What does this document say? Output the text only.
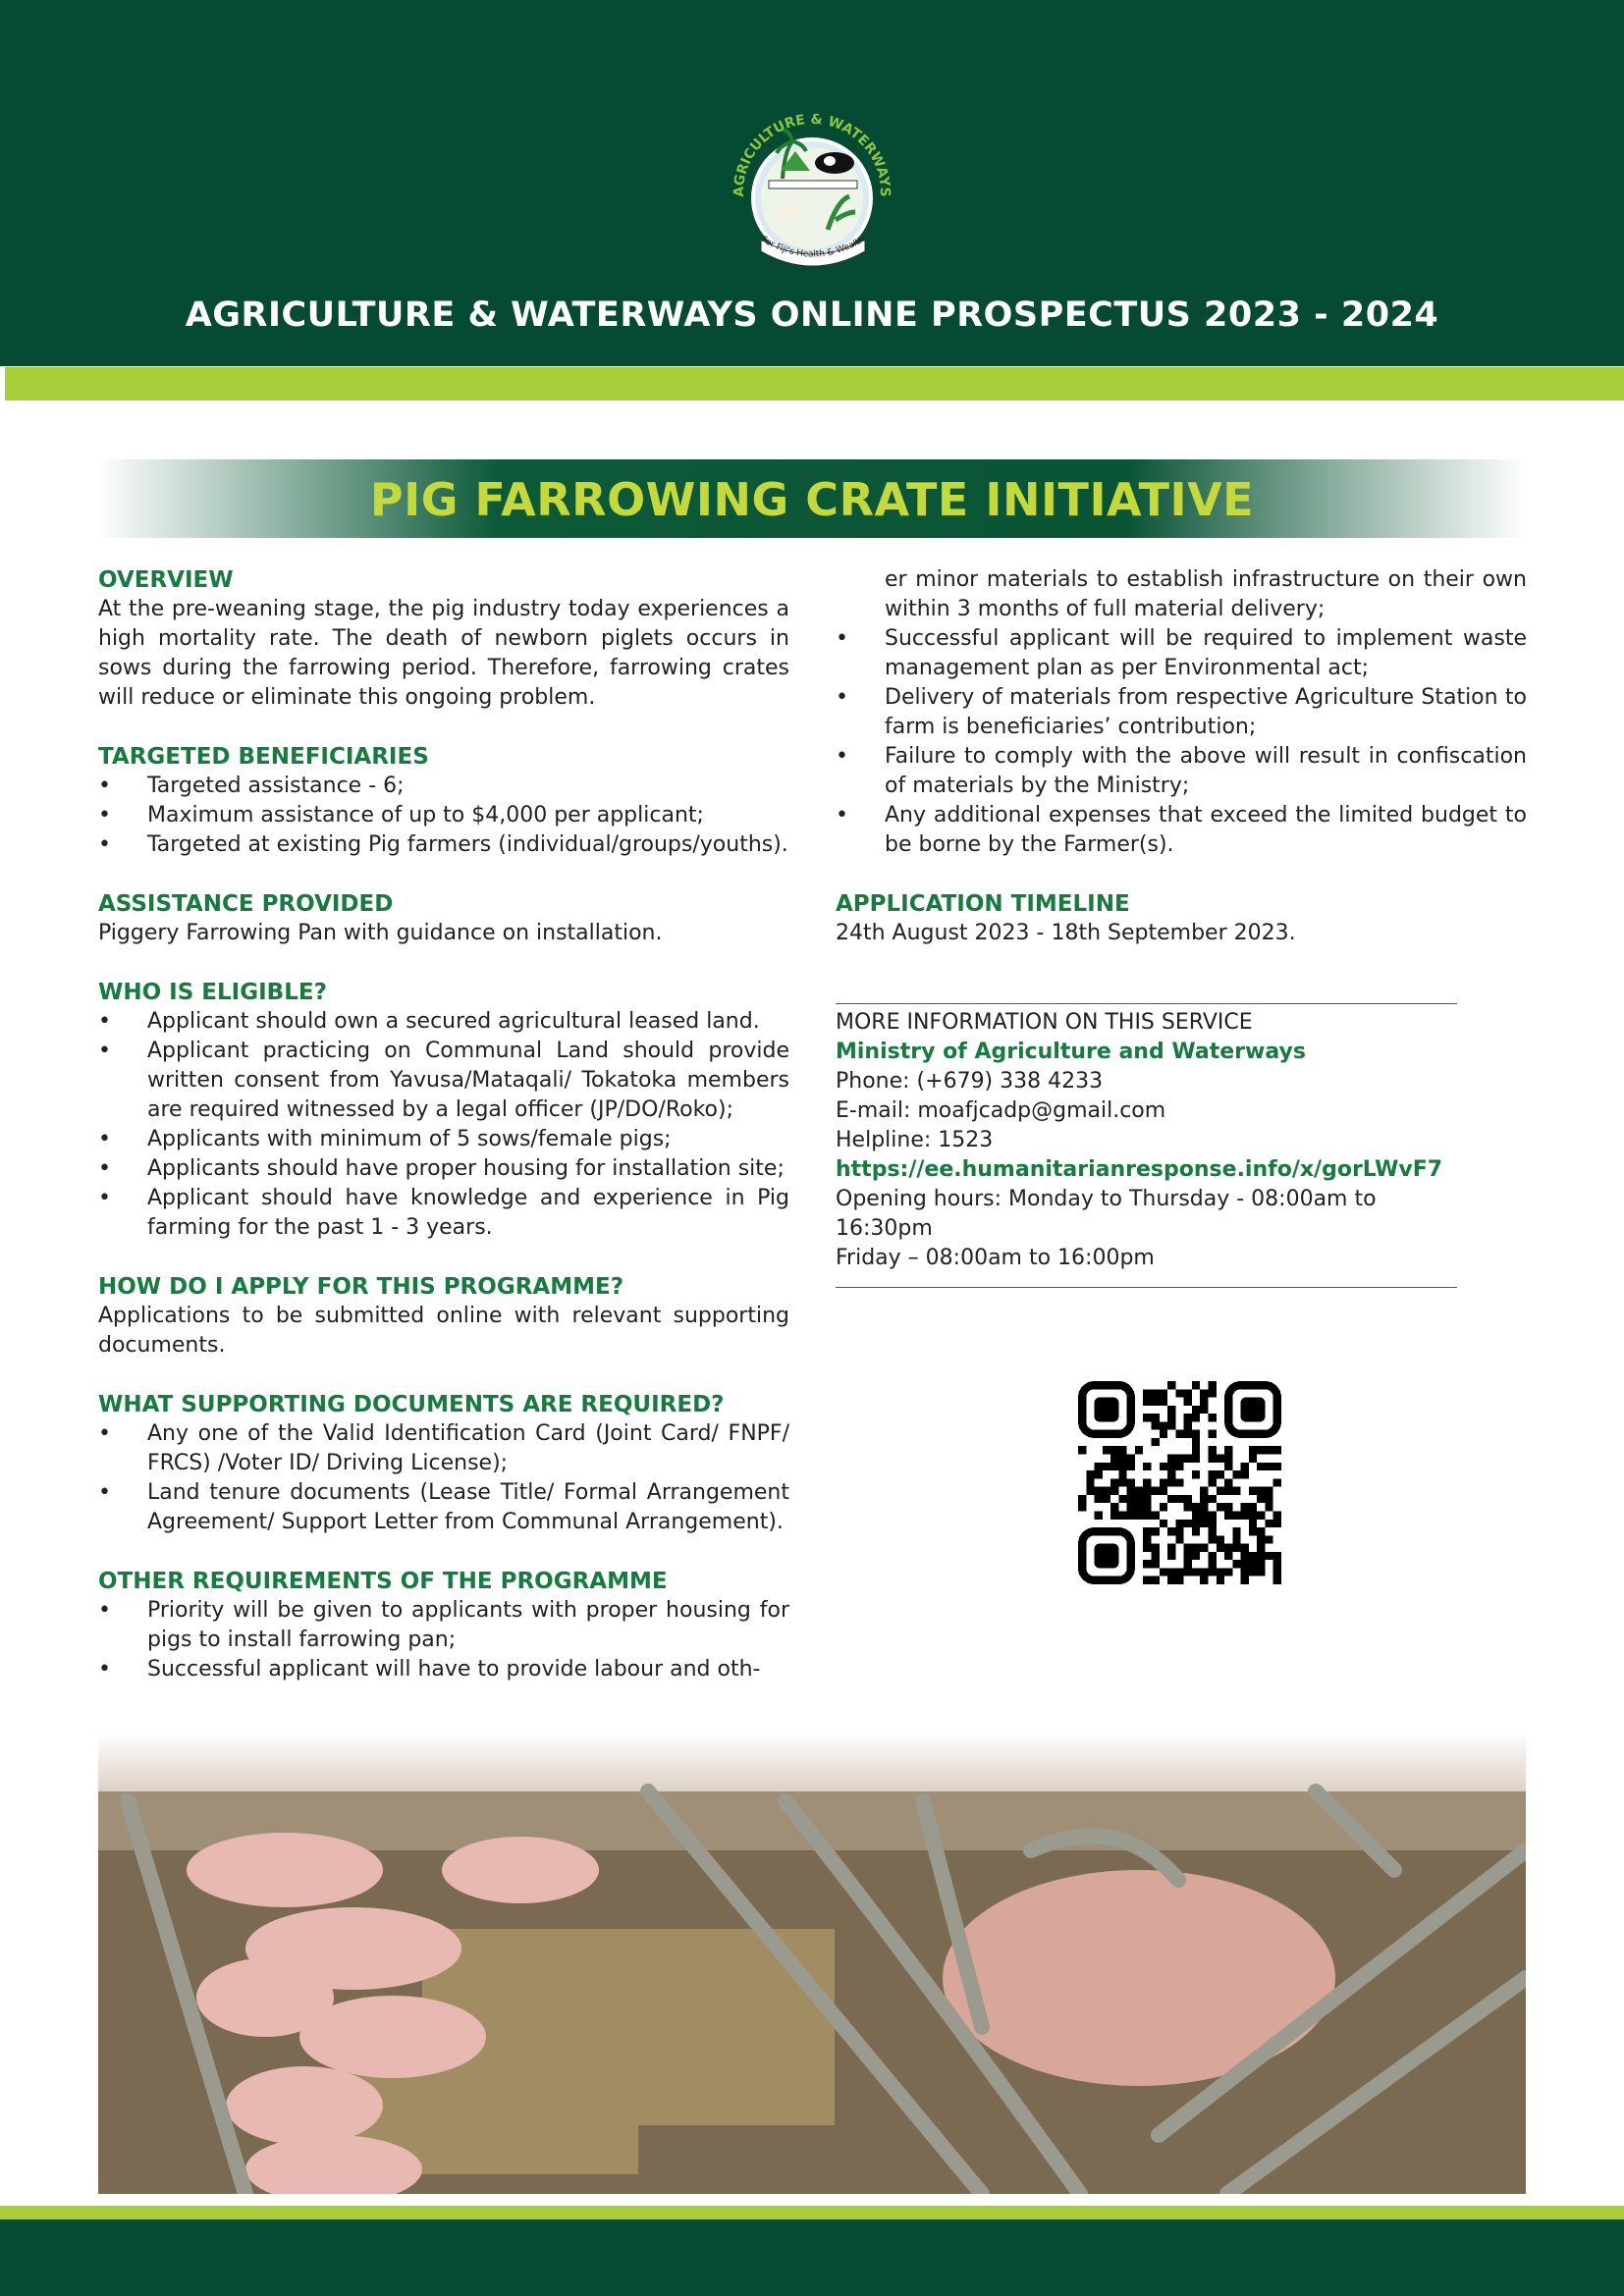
AGRICULTURE & WATERWAYS
For Fiji's Health & Wealth
AGRICULTURE & WATERWAYS ONLINE PROSPECTUS 2023 - 2024
PIG FARROWING CRATE INITIATIVE
OVERVIEW

At the pre-weaning stage, the pig industry today experiences a high mortality rate. The death of newborn piglets occurs in sows during the farrowing period. Therefore, farrowing crates will reduce or eliminate this ongoing problem.

TARGETED BENEFICIARIES
• Targeted assistance - 6;
• Maximum assistance of up to $4,000 per applicant;
• Targeted at existing Pig farmers (individual/groups/youths).
ASSISTANCE PROVIDED

Piggery Farrowing Pan with guidance on installation.

WHO IS ELIGIBLE?
• Applicant should own a secured agricultural leased land.
• Applicant practicing on Communal Land should provide written consent from Yavusa/Mataqali/ Tokatoka members are required witnessed by a legal officer (JP/DO/Roko);
• Applicants with minimum of 5 sows/female pigs;
• Applicants should have proper housing for installation site;
• Applicant should have knowledge and experience in Pig farming for the past 1 - 3 years.
HOW DO I APPLY FOR THIS PROGRAMME?

Applications to be submitted online with relevant supporting documents.

WHAT SUPPORTING DOCUMENTS ARE REQUIRED?
• Any one of the Valid Identification Card (Joint Card/ FNPF/ FRCS) /Voter ID/ Driving License);
• Land tenure documents (Lease Title/ Formal Arrangement Agreement/ Support Letter from Communal Arrangement).
OTHER REQUIREMENTS OF THE PROGRAMME
• Priority will be given to applicants with proper housing for pigs to install farrowing pan;
• Successful applicant will have to provide labour and oth-
er minor materials to establish infrastructure on their own within 3 months of full material delivery;
• Successful applicant will be required to implement waste management plan as per Environmental act;
• Delivery of materials from respective Agriculture Station to farm is beneficiaries’ contribution;
• Failure to comply with the above will result in confiscation of materials by the Ministry;
• Any additional expenses that exceed the limited budget to be borne by the Farmer(s).
APPLICATION TIMELINE

24th August 2023 - 18th September 2023.

MORE INFORMATION ON THIS SERVICE
Ministry of Agriculture and Waterways
Phone: (+679) 338 4233
E-mail: moafjcadp@gmail.com
Helpline: 1523
https://ee.humanitarianresponse.info/x/gorLWvF7
Opening hours: Monday to Thursday - 08:00am to 16:30pm
Friday – 08:00am to 16:00pm
